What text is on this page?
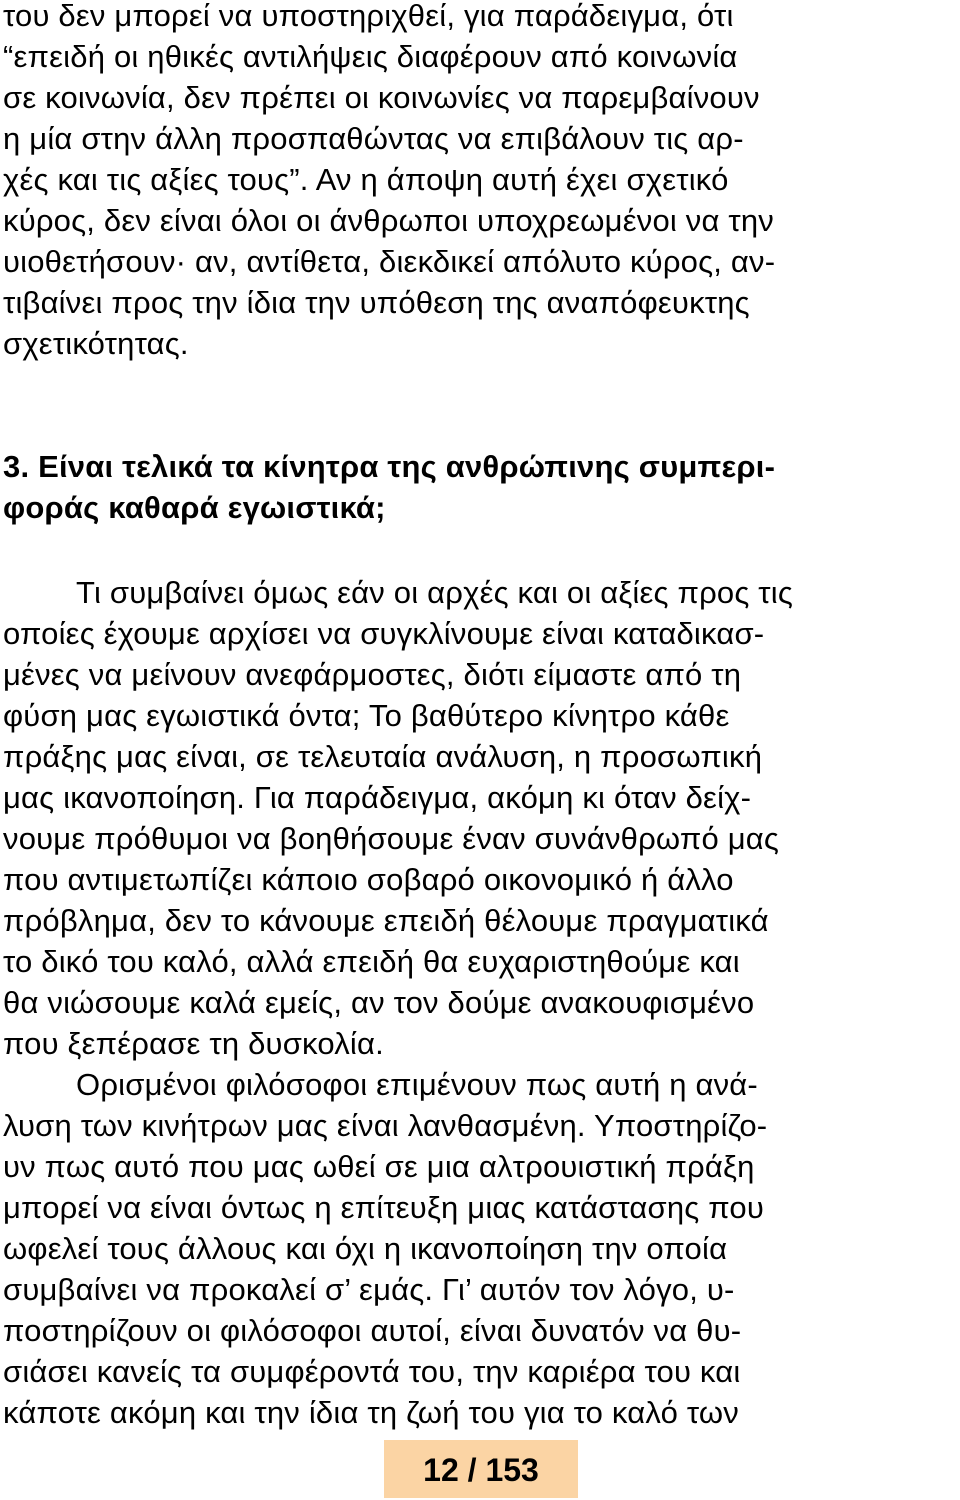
του δεν μπορεί να υποστηριχθεί, για παράδειγμα, ότι
“επειδή οι ηθικές αντιλήψεις διαφέρουν από κοινωνία
σε κοινωνία, δεν πρέπει οι κοινωνίες να παρεμβαίνουν
η μία στην άλλη προσπαθώντας να επιβάλουν τις αρ-
χές και τις αξίες τους”. Αν η άποψη αυτή έχει σχετικό
κύρος, δεν είναι όλοι οι άνθρωποι υποχρεωμένοι να την
υιοθετήσουν· αν, αντίθετα, διεκδικεί απόλυτο κύρος, αν-
τιβαίνει προς την ίδια την υπόθεση της αναπόφευκτης
σχετικότητας.
3. Είναι τελικά τα κίνητρα της ανθρώπινης συμπερι-
φοράς καθαρά εγωιστικά;
Τι συμβαίνει όμως εάν οι αρχές και οι αξίες προς τις
οποίες έχουμε αρχίσει να συγκλίνουμε είναι καταδικασ-
μένες να μείνουν ανεφάρμοστες, διότι είμαστε από τη
φύση μας εγωιστικά όντα; Το βαθύτερο κίνητρο κάθε
πράξης μας είναι, σε τελευταία ανάλυση, η προσωπική
μας ικανοποίηση. Για παράδειγμα, ακόμη κι όταν δείχ-
νουμε πρόθυμοι να βοηθήσουμε έναν συνάνθρωπό μας
που αντιμετωπίζει κάποιο σοβαρό οικονομικό ή άλλο
πρόβλημα, δεν το κάνουμε επειδή θέλουμε πραγματικά
το δικό του καλό, αλλά επειδή θα ευχαριστηθούμε και
θα νιώσουμε καλά εμείς, αν τον δούμε ανακουφισμένο
που ξεπέρασε τη δυσκολία.
Ορισμένοι φιλόσοφοι επιμένουν πως αυτή η ανά-
λυση των κινήτρων μας είναι λανθασμένη. Υποστηρίζο-
υν πως αυτό που μας ωθεί σε μια αλτρουιστική πράξη
μπορεί να είναι όντως η επίτευξη μιας κατάστασης που
ωφελεί τους άλλους και όχι η ικανοποίηση την οποία
συμβαίνει να προκαλεί σ’ εμάς. Γι’ αυτόν τον λόγο, υ-
ποστηρίζουν οι φιλόσοφοι αυτοί, είναι δυνατόν να θυ-
σιάσει κανείς τα συμφέροντά του, την καριέρα του και
κάποτε ακόμη και την ίδια τη ζωή του για το καλό των
12 / 153
